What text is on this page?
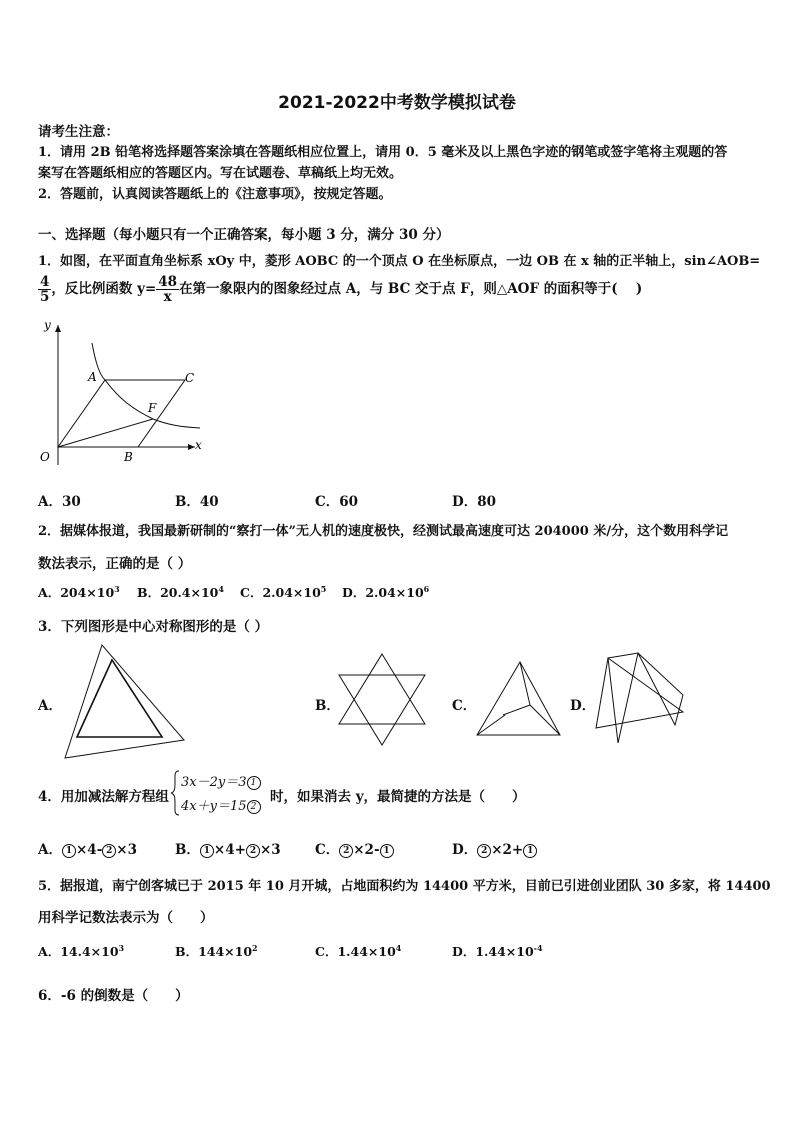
2021-2022中考数学模拟试卷
请考生注意：
1．请用 2B 铅笔将选择题答案涂填在答题纸相应位置上，请用 0．5 毫米及以上黑色字迹的钢笔或签字笔将主观题的答
案写在答题纸相应的答题区内。写在试题卷、草稿纸上均无效。
2．答题前，认真阅读答题纸上的《注意事项》，按规定答题。
一、选择题（每小题只有一个正确答案，每小题 3 分，满分 30 分）
1．如图，在平面直角坐标系 xOy 中，菱形 AOBC 的一个顶点 O 在坐标原点，一边 OB 在 x 轴的正半轴上，sin∠AOB=
$\frac{4}{5}$ ，反比例函数 $y= \frac{48}{x}$ 在第一象限内的图象经过点 A，与 BC 交于点 F，则△AOF 的面积等于(　 )
y
x
O
A	C
F
B
A．30	B．40	C．60	D．80
2．据媒体报道，我国最新研制的“察打一体”无人机的速度极快，经测试最高速度可达 204000 米/分，这个数用科学记
数法表示，正确的是（ ）
A．$204\times 10^3$ B．$20.4\times 10^4$ C．$2.04\times 10^5$ D．$2.04\times 10^6$
3．下列图形是中心对称图形的是（ ）
A．	B．	C．	D．
4．用加减法解方程组
3x－2y＝3 1
4x＋y＝15 2
时，如果消去 y，最简捷的方法是（　　）
A． 1 ×4- 2 ×3	B． 1 ×4+ 2 ×3	C． 2 ×2- 1	D． 2 ×2+ 1
5．据报道，南宁创客城已于 2015 年 10 月开城，占地面积约为 14400 平方米，目前已引进创业团队 30 多家，将 14400
用科学记数法表示为（　　）
A．$14.4\times 10^3$	B．$144\times 10^2$	C．$1.44\times 10^4$	D．$1.44\times 10^{-4}$
6．-6 的倒数是（　　）
